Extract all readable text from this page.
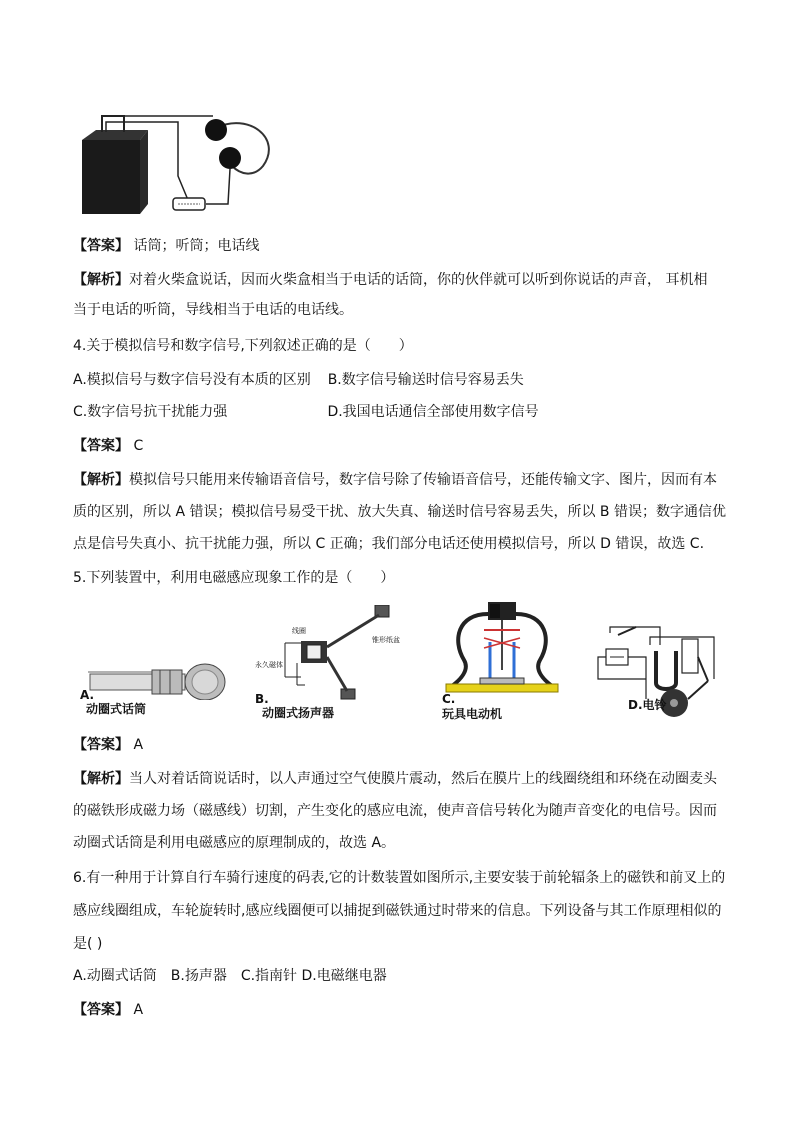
【答案】 话筒；听筒；电话线
【解析】对着火柴盒说话，因而火柴盒相当于电话的话筒，你的伙伴就可以听到你说话的声音， 耳机相
当于电话的听筒，导线相当于电话的电话线。
4.关于模拟信号和数字信号,下列叙述正确的是（　　）
A.模拟信号与数字信号没有本质的区别 B.数字信号输送时信号容易丢失
C.数字信号抗干扰能力强	D.我国电话通信全部使用数字信号
【答案】 C
【解析】模拟信号只能用来传输语音信号，数字信号除了传输语音信号，还能传输文字、图片，因而有本
质的区别，所以 A 错误；模拟信号易受干扰、放大失真、输送时信号容易丢失，所以 B 错误；数字通信优
点是信号失真小、抗干扰能力强，所以 C 正确；我们部分电话还使用模拟信号，所以 D 错误，故选 C.
5.下列装置中，利用电磁感应现象工作的是（　　）
A.
动圈式话筒
线圈
锥形纸盆
永久磁体
B.
动圈式扬声器
C.
玩具电动机
D.电铃
【答案】 A
【解析】当人对着话筒说话时，以人声通过空气使膜片震动，然后在膜片上的线圈绕组和环绕在动圈麦头
的磁铁形成磁力场（磁感线）切割，产生变化的感应电流，使声音信号转化为随声音变化的电信号。因而
动圈式话筒是利用电磁感应的原理制成的，故选 A。
6.有一种用于计算自行车骑行速度的码表,它的计数装置如图所示,主要安装于前轮辐条上的磁铁和前叉上的
感应线圈组成，车轮旋转时,感应线圈便可以捕捉到磁铁通过时带来的信息。下列设备与其工作原理相似的
是( )
A.动圈式话筒　B.扬声器　C.指南针 D.电磁继电器
【答案】 A
